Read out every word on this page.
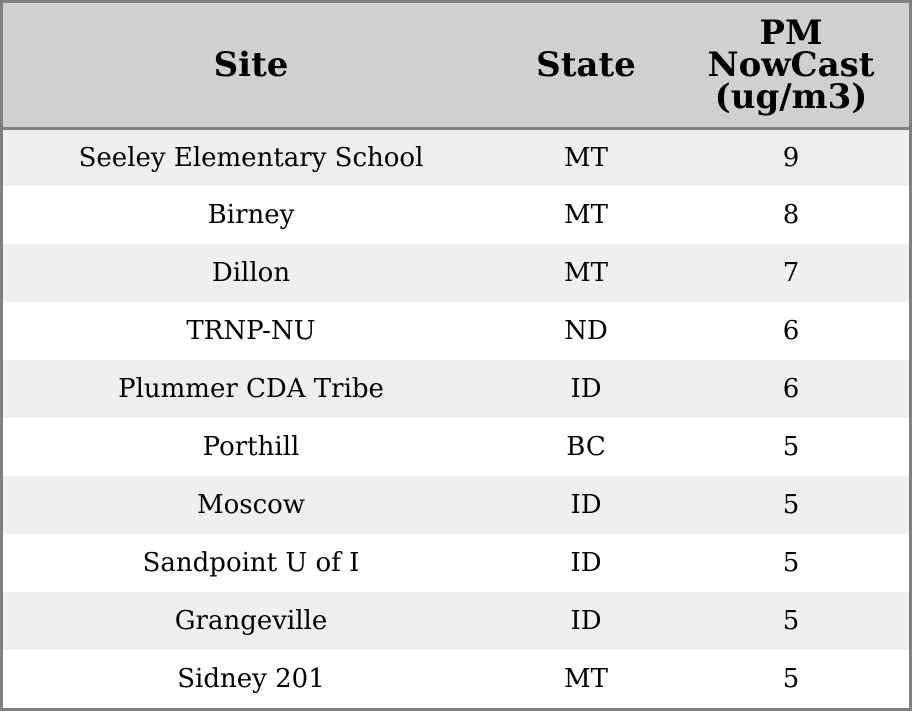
Site	State	PM
NowCast
(ug/m3)

Seeley Elementary School	MT	9
Birney	MT	8
Dillon	MT	7
TRNP-NU	ND	6
Plummer CDA Tribe	ID	6
Porthill	BC	5
Moscow	ID	5
Sandpoint U of I	ID	5
Grangeville	ID	5
Sidney 201	MT	5
